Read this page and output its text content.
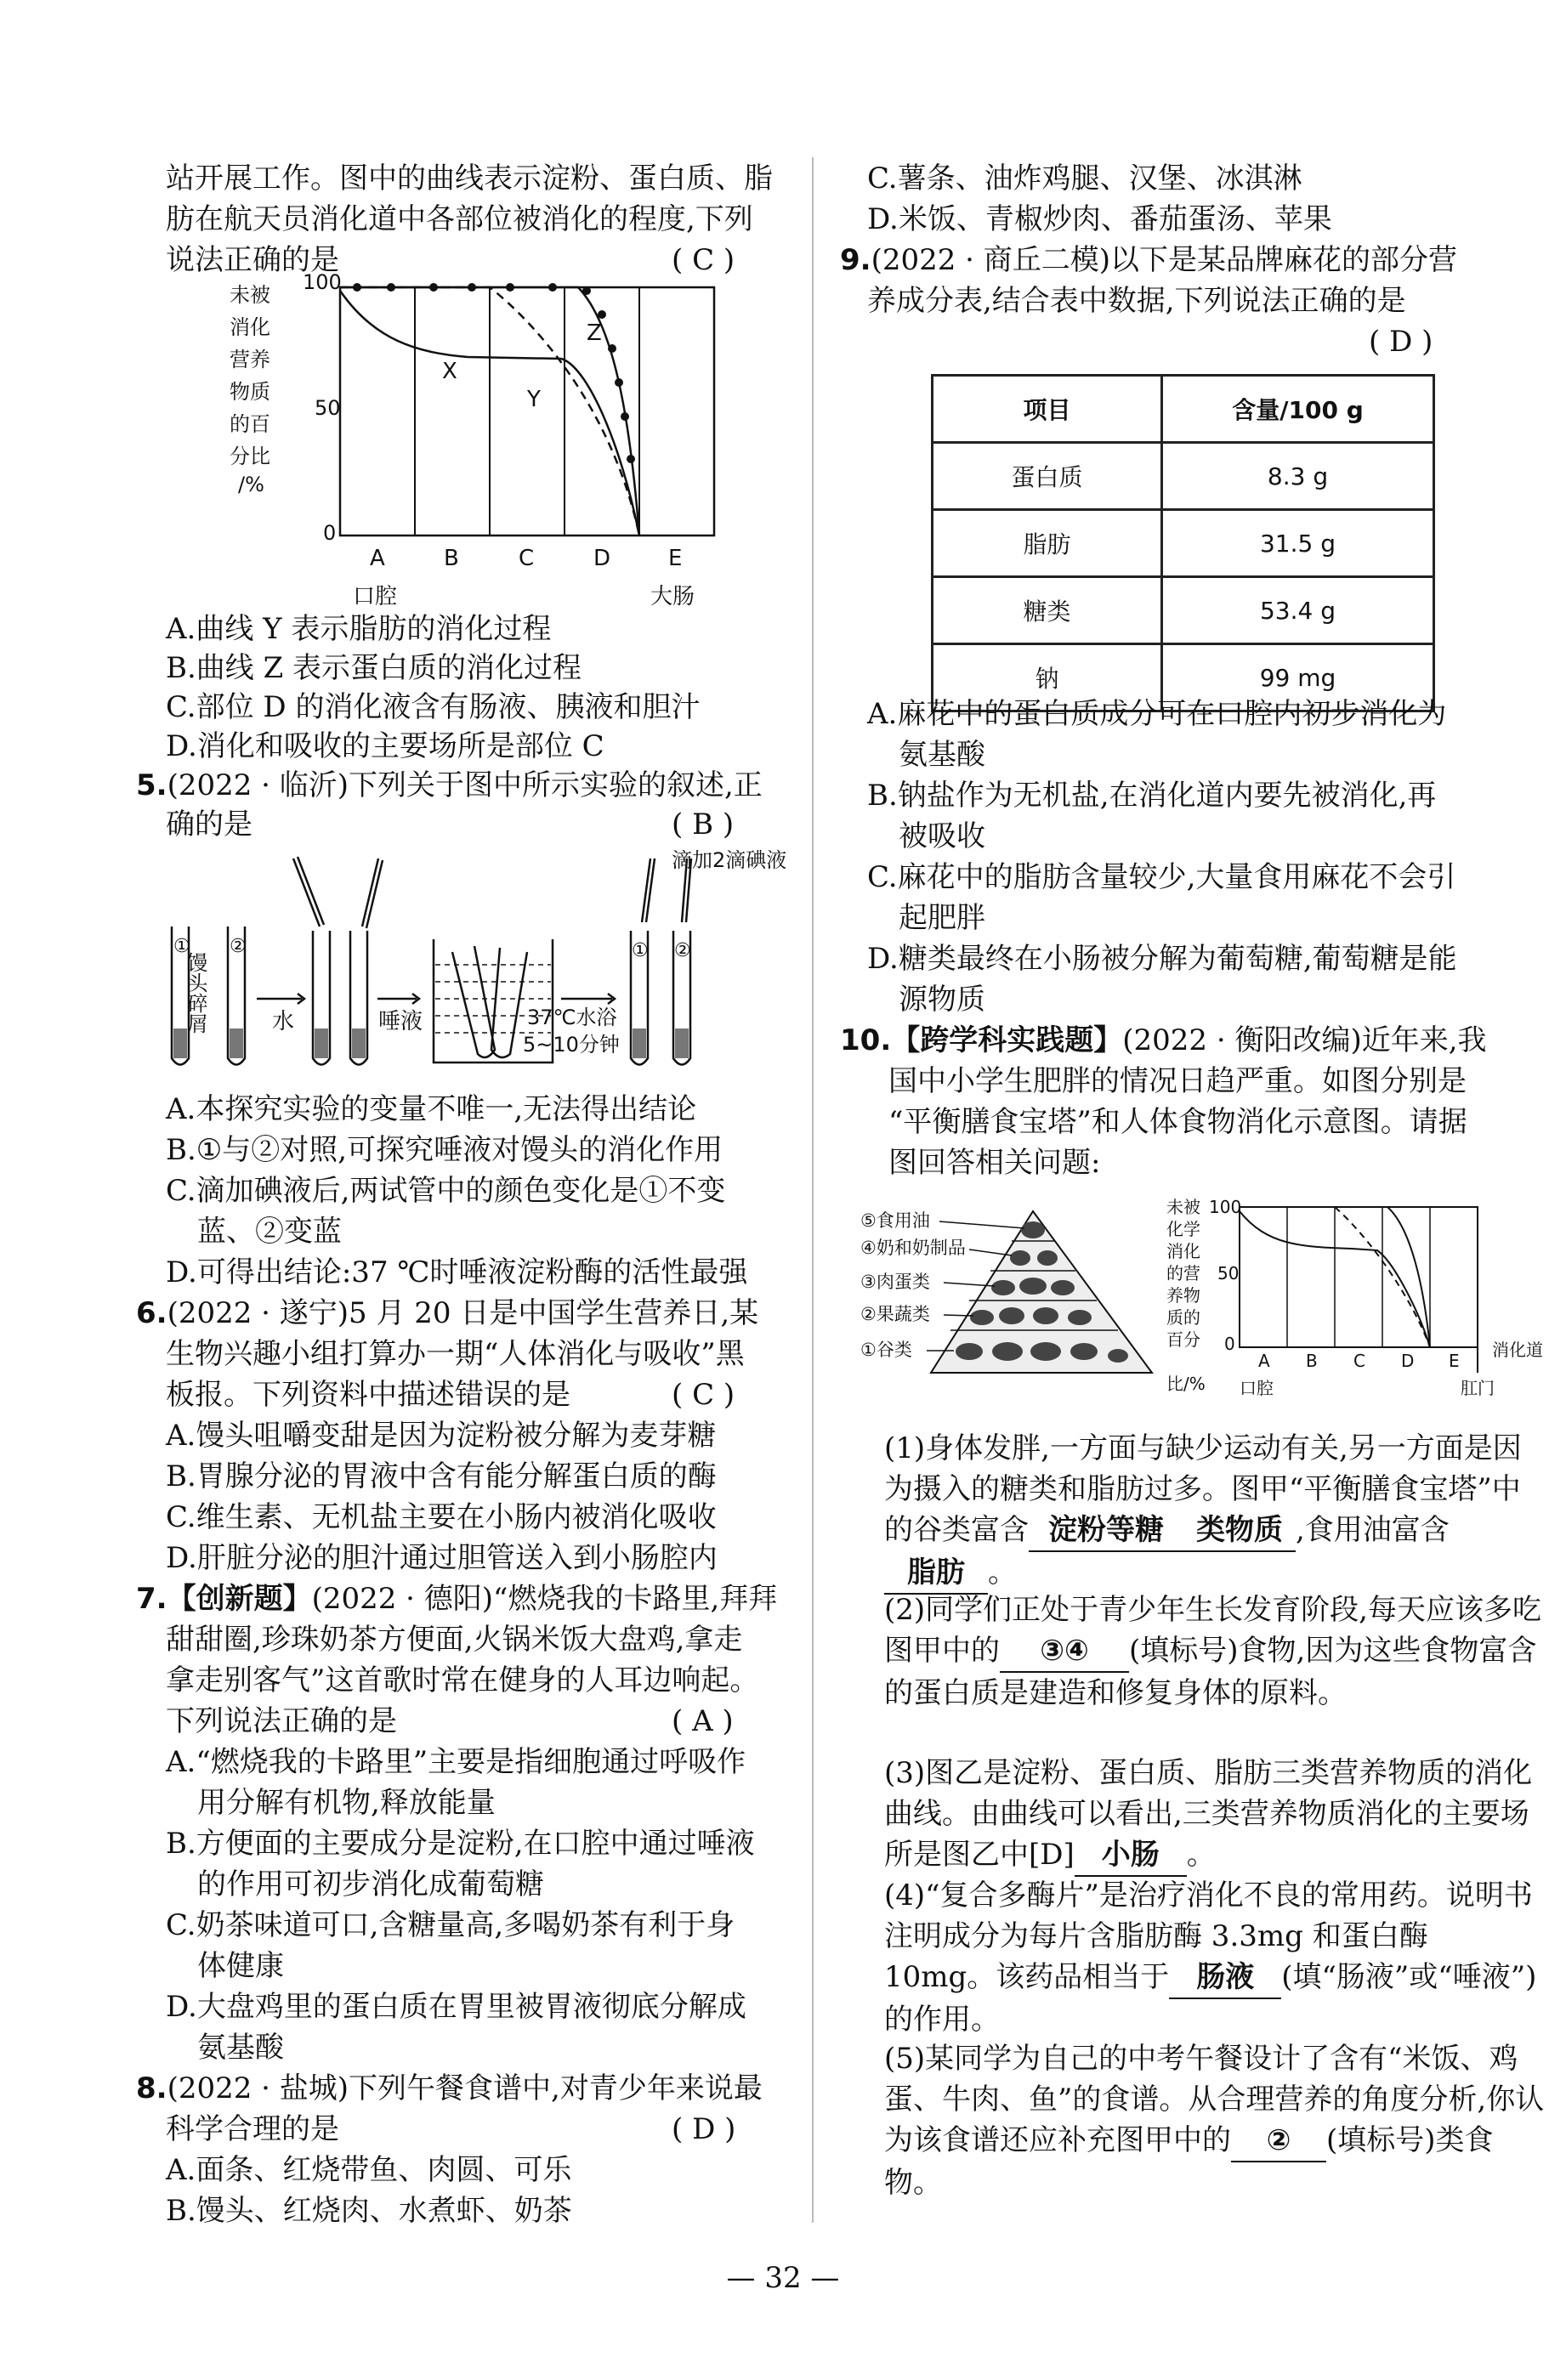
站开展工作。图中的曲线表示淀粉、蛋白质、脂
肪在航天员消化道中各部位被消化的程度,下列
说法正确的是	( C )
未被
消化
营养
物质
的百
分比
/%
100
50
0
X
Y
Z
A	B	C	D	E
口腔	大肠
A.曲线 Y 表示脂肪的消化过程
B.曲线 Z 表示蛋白质的消化过程
C.部位 D 的消化液含有肠液、胰液和胆汁
D.消化和吸收的主要场所是部位 C
5.(2022 · 临沂)下列关于图中所示实验的叙述,正
确的是	( B )
① ②	① ②
馒头碎屑	水	唾液	37℃水浴
5~10分钟
滴加2滴碘液
A.本探究实验的变量不唯一,无法得出结论
B.①与②对照,可探究唾液对馒头的消化作用
C.滴加碘液后,两试管中的颜色变化是①不变
蓝、②变蓝
D.可得出结论:37 ℃时唾液淀粉酶的活性最强
6.(2022 · 遂宁)5 月 20 日是中国学生营养日,某
生物兴趣小组打算办一期“人体消化与吸收”黑
板报。下列资料中描述错误的是	( C )
A.馒头咀嚼变甜是因为淀粉被分解为麦芽糖
B.胃腺分泌的胃液中含有能分解蛋白质的酶
C.维生素、无机盐主要在小肠内被消化吸收
D.肝脏分泌的胆汁通过胆管送入到小肠腔内
7.【创新题】(2022 · 德阳)“燃烧我的卡路里,拜拜
甜甜圈,珍珠奶茶方便面,火锅米饭大盘鸡,拿走
拿走别客气”这首歌时常在健身的人耳边响起。
下列说法正确的是	( A )
A.“燃烧我的卡路里”主要是指细胞通过呼吸作
用分解有机物,释放能量
B.方便面的主要成分是淀粉,在口腔中通过唾液
的作用可初步消化成葡萄糖
C.奶茶味道可口,含糖量高,多喝奶茶有利于身
体健康
D.大盘鸡里的蛋白质在胃里被胃液彻底分解成
氨基酸
8.(2022 · 盐城)下列午餐食谱中,对青少年来说最
科学合理的是	( D )
A.面条、红烧带鱼、肉圆、可乐
B.馒头、红烧肉、水煮虾、奶茶
C.薯条、油炸鸡腿、汉堡、冰淇淋
D.米饭、青椒炒肉、番茄蛋汤、苹果
9.(2022 · 商丘二模)以下是某品牌麻花的部分营
养成分表,结合表中数据,下列说法正确的是
( D )
项目	含量/100 g
蛋白质	8.3 g
脂肪	31.5 g
糖类	53.4 g
钠	99 mg
A.麻花中的蛋白质成分可在口腔内初步消化为
氨基酸
B.钠盐作为无机盐,在消化道内要先被消化,再
被吸收
C.麻花中的脂肪含量较少,大量食用麻花不会引
起肥胖
D.糖类最终在小肠被分解为葡萄糖,葡萄糖是能
源物质
10.【跨学科实践题】(2022 · 衡阳改编)近年来,我
国中小学生肥胖的情况日趋严重。如图分别是
“平衡膳食宝塔”和人体食物消化示意图。请据
图回答相关问题:
⑤食用油
④奶和奶制品
③肉蛋类
②果蔬类
①谷类
未被
化学
消化
的营
养物
质的
百分
比/%
100
50
0
A B C D E
口腔	肛门
消化道
(1)身体发胖,一方面与缺少运动有关,另一方面是因为摄入的糖类和脂肪过多。图甲“平衡膳食宝塔”中的谷类富含 淀粉等糖 类物质 ,食用油富含脂肪 。
(2)同学们正处于青少年生长发育阶段,每天应该多吃图甲中的 ③④ (填标号)食物,因为这些食物富含的蛋白质是建造和修复身体的原料。
(3)图乙是淀粉、蛋白质、脂肪三类营养物质的消化曲线。由曲线可以看出,三类营养物质消化的主要场所是图乙中[D] 小肠 。
(4)“复合多酶片”是治疗消化不良的常用药。说明书注明成分为每片含脂肪酶 3.3mg 和蛋白酶 10mg。该药品相当于 肠液 (填“肠液”或“唾液”)的作用。
(5)某同学为自己的中考午餐设计了含有“米饭、鸡蛋、牛肉、鱼”的食谱。从合理营养的角度分析,你认为该食谱还应补充图甲中的 ② (填标号)类食物。
— 32 —
